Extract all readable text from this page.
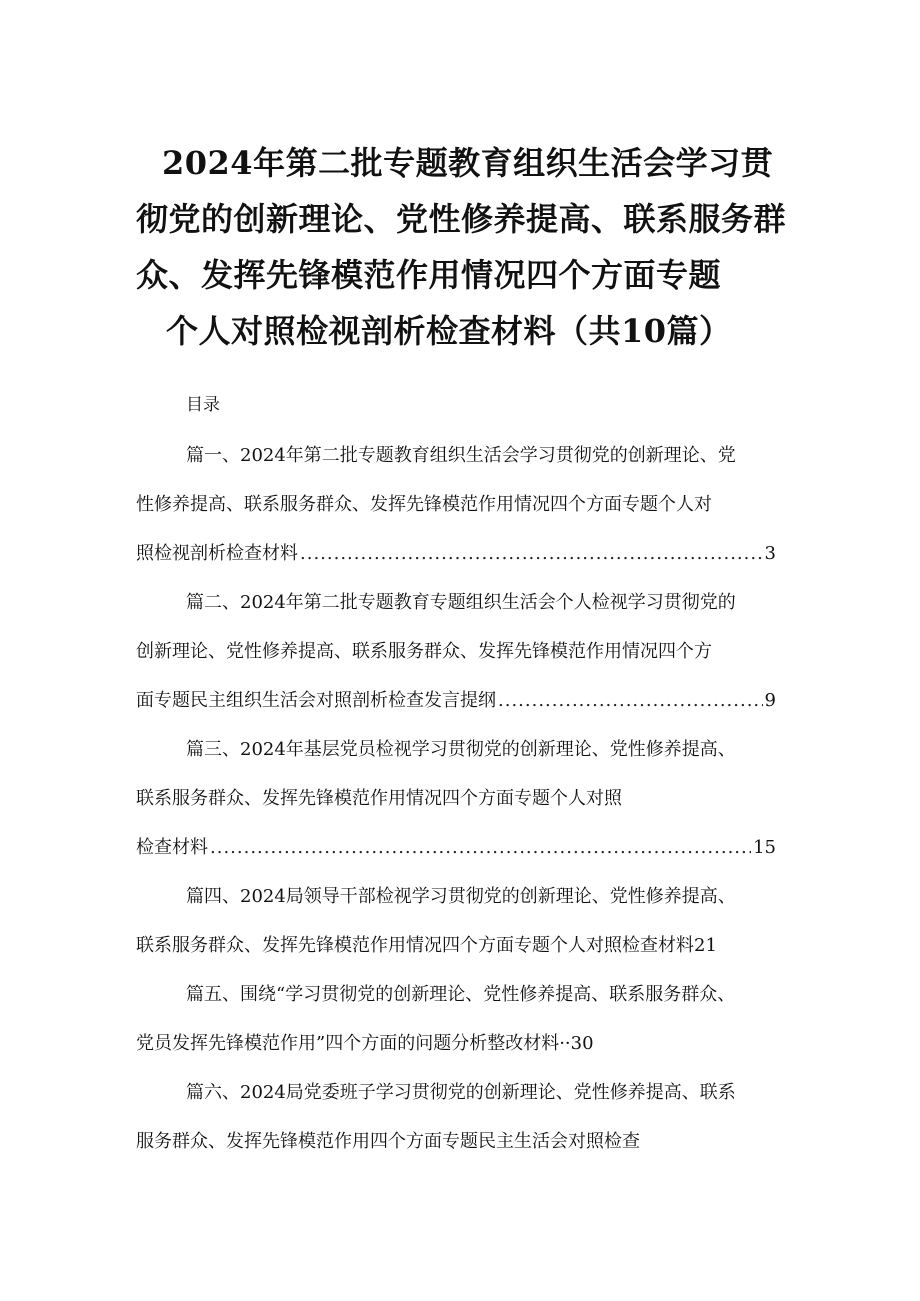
2024年第二批专题教育组织生活会学习贯
彻党的创新理论、党性修养提高、联系服务群
众、发挥先锋模范作用情况四个方面专题
个人对照检视剖析检查材料（共10篇）

目录

篇一、2024年第二批专题教育组织生活会学习贯彻党的创新理论、党
性修养提高、联系服务群众、发挥先锋模范作用情况四个方面专题个人对
照检视剖析检查材料 .....	3
篇二、2024年第二批专题教育专题组织生活会个人检视学习贯彻党的
创新理论、党性修养提高、联系服务群众、发挥先锋模范作用情况四个方
面专题民主组织生活会对照剖析检查发言提纲 .....	9
篇三、2024年基层党员检视学习贯彻党的创新理论、党性修养提高、
联系服务群众、发挥先锋模范作用情况四个方面专题个人对照
检查材料 .....	15
篇四、2024局领导干部检视学习贯彻党的创新理论、党性修养提高、
联系服务群众、发挥先锋模范作用情况四个方面专题个人对照检查材料21
篇五、围绕“学习贯彻党的创新理论、党性修养提高、联系服务群众、
党员发挥先锋模范作用”四个方面的问题分析整改材料··30
篇六、2024局党委班子学习贯彻党的创新理论、党性修养提高、联系
服务群众、发挥先锋模范作用四个方面专题民主生活会对照检查
